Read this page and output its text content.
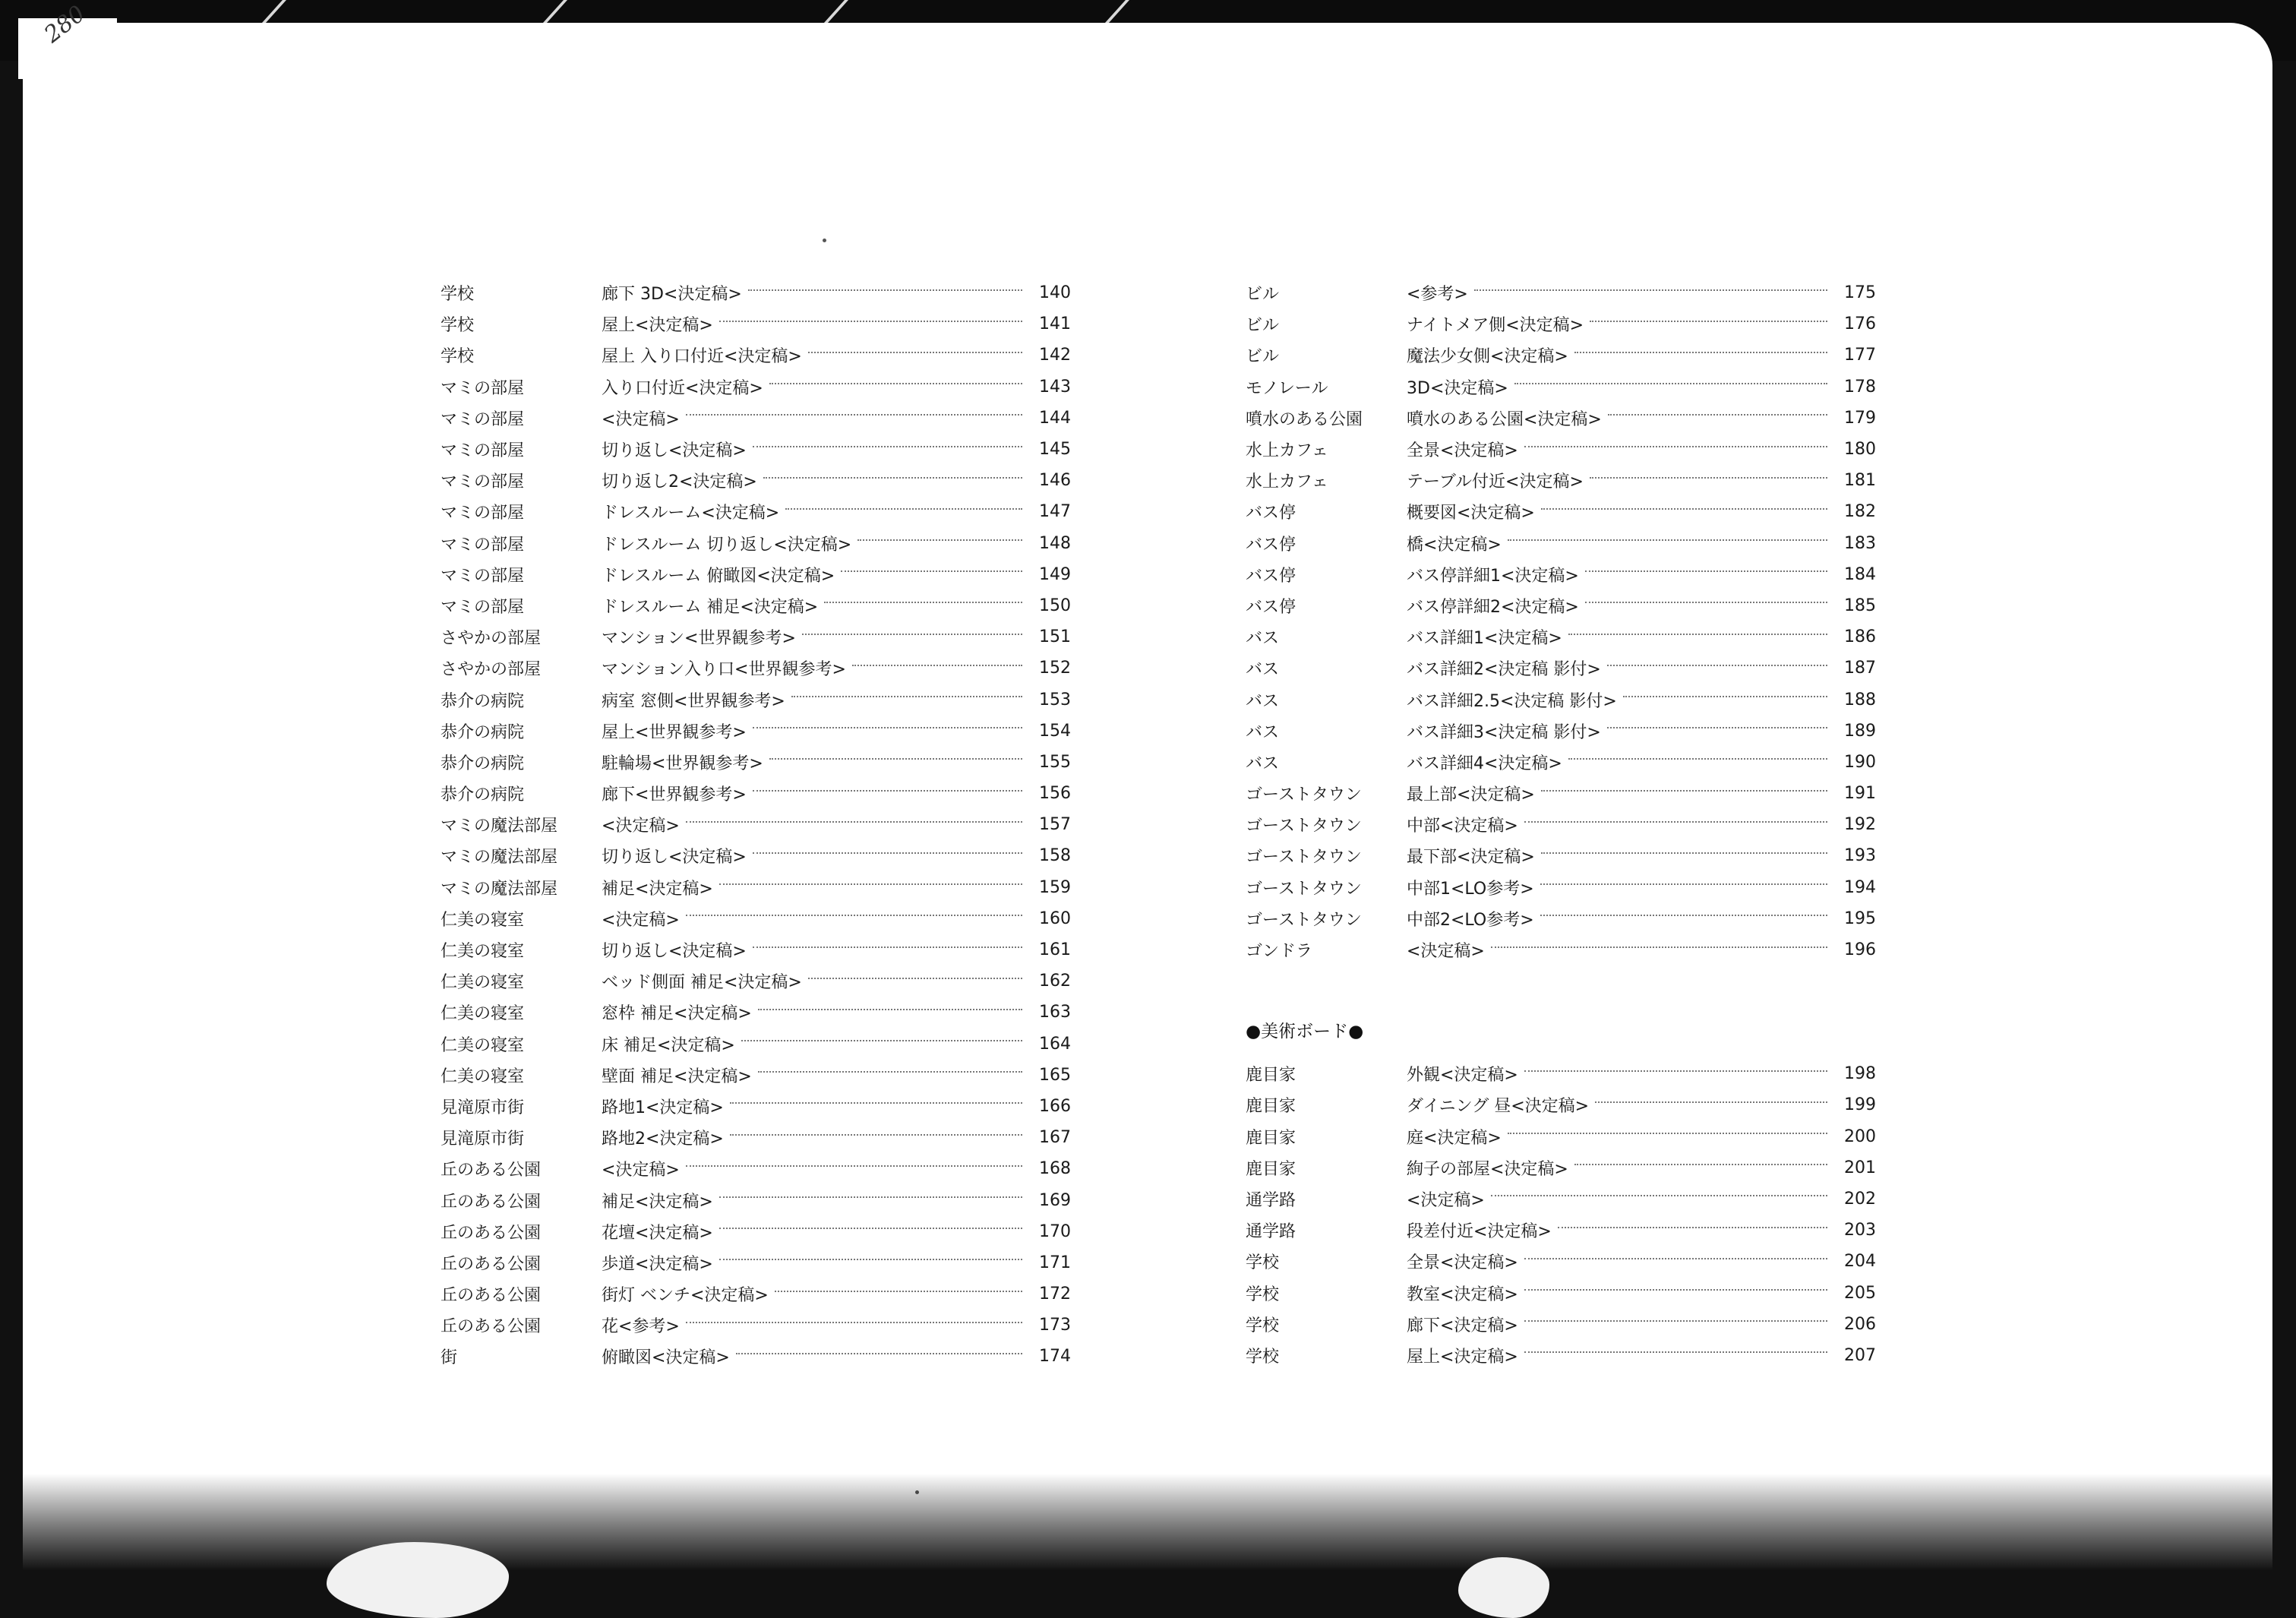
280
学校	廊下 3D<決定稿>	140
学校	屋上<決定稿>	141
学校	屋上 入り口付近<決定稿>	142
マミの部屋	入り口付近<決定稿>	143
マミの部屋	<決定稿>	144
マミの部屋	切り返し<決定稿>	145
マミの部屋	切り返し2<決定稿>	146
マミの部屋	ドレスルーム<決定稿>	147
マミの部屋	ドレスルーム 切り返し<決定稿>	148
マミの部屋	ドレスルーム 俯瞰図<決定稿>	149
マミの部屋	ドレスルーム 補足<決定稿>	150
さやかの部屋	マンション<世界観参考>	151
さやかの部屋	マンション入り口<世界観参考>	152
恭介の病院	病室 窓側<世界観参考>	153
恭介の病院	屋上<世界観参考>	154
恭介の病院	駐輪場<世界観参考>	155
恭介の病院	廊下<世界観参考>	156
マミの魔法部屋	<決定稿>	157
マミの魔法部屋	切り返し<決定稿>	158
マミの魔法部屋	補足<決定稿>	159
仁美の寝室	<決定稿>	160
仁美の寝室	切り返し<決定稿>	161
仁美の寝室	ベッド側面 補足<決定稿>	162
仁美の寝室	窓枠 補足<決定稿>	163
仁美の寝室	床 補足<決定稿>	164
仁美の寝室	壁面 補足<決定稿>	165
見滝原市街	路地1<決定稿>	166
見滝原市街	路地2<決定稿>	167
丘のある公園	<決定稿>	168
丘のある公園	補足<決定稿>	169
丘のある公園	花壇<決定稿>	170
丘のある公園	歩道<決定稿>	171
丘のある公園	街灯 ベンチ<決定稿>	172
丘のある公園	花<参考>	173
街	俯瞰図<決定稿>	174
ビル	<参考>	175
ビル	ナイトメア側<決定稿>	176
ビル	魔法少女側<決定稿>	177
モノレール	3D<決定稿>	178
噴水のある公園	噴水のある公園<決定稿>	179
水上カフェ	全景<決定稿>	180
水上カフェ	テーブル付近<決定稿>	181
バス停	概要図<決定稿>	182
バス停	橋<決定稿>	183
バス停	バス停詳細1<決定稿>	184
バス停	バス停詳細2<決定稿>	185
バス	バス詳細1<決定稿>	186
バス	バス詳細2<決定稿 影付>	187
バス	バス詳細2.5<決定稿 影付>	188
バス	バス詳細3<決定稿 影付>	189
バス	バス詳細4<決定稿>	190
ゴーストタウン	最上部<決定稿>	191
ゴーストタウン	中部<決定稿>	192
ゴーストタウン	最下部<決定稿>	193
ゴーストタウン	中部1<LO参考>	194
ゴーストタウン	中部2<LO参考>	195
ゴンドラ	<決定稿>	196
●美術ボード●
鹿目家	外観<決定稿>	198
鹿目家	ダイニング 昼<決定稿>	199
鹿目家	庭<決定稿>	200
鹿目家	絢子の部屋<決定稿>	201
通学路	<決定稿>	202
通学路	段差付近<決定稿>	203
学校	全景<決定稿>	204
学校	教室<決定稿>	205
学校	廊下<決定稿>	206
学校	屋上<決定稿>	207
